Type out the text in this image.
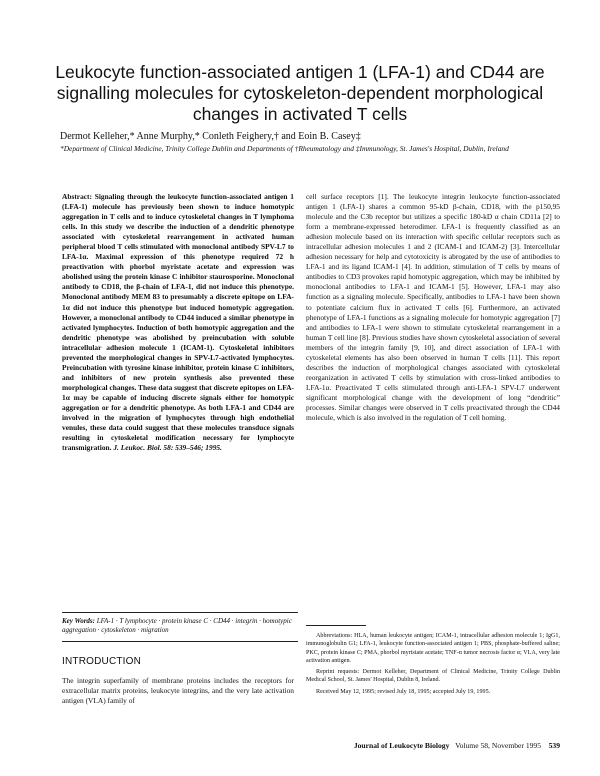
Leukocyte function-associated antigen 1 (LFA-1) and CD44 are signalling molecules for cytoskeleton-dependent morphological changes in activated T cells
Dermot Kelleher,* Anne Murphy,* Conleth Feighery,† and Eoin B. Casey‡
*Department of Clinical Medicine, Trinity College Dublin and Departments of †Rheumatology and ‡Immunology, St. James's Hospital, Dublin, Ireland

Abstract: Signaling through the leukocyte function-associated antigen 1 (LFA-1) molecule has previously been shown to induce homotypic aggregation in T cells and to induce cytoskeletal changes in T lymphoma cells. In this study we describe the induction of a dendritic phenotype associated with cytoskeletal rearrangement in activated human peripheral blood T cells stimulated with monoclonal antibody SPV-L7 to LFA-1α. Maximal expression of this phenotype required 72 h preactivation with phorbol myristate acetate and expression was abolished using the protein kinase C inhibitor staurosporine. Monoclonal antibody to CD18, the β-chain of LFA-1, did not induce this phenotype. Monoclonal antibody MEM 83 to presumably a discrete epitope on LFA-1α did not induce this phenotype but induced homotypic aggregation. However, a monoclonal antibody to CD44 induced a similar phenotype in activated lymphocytes. Induction of both homotypic aggregation and the dendritic phenotype was abolished by preincubation with soluble intracellular adhesion molecule 1 (ICAM-1). Cytoskeletal inhibitors prevented the morphological changes in SPV-L7-activated lymphocytes. Preincubation with tyrosine kinase inhibitor, protein kinase C inhibitors, and inhibitors of new protein synthesis also prevented these morphological changes. These data suggest that discrete epitopes on LFA-1α may be capable of inducing discrete signals either for homotypic aggregation or for a dendritic phenotype. As both LFA-1 and CD44 are involved in the migration of lymphocytes through high endothelial venules, these data could suggest that these molecules transduce signals resulting in cytoskeletal modification necessary for lymphocyte transmigration. J. Leukoc. Biol. 58: 539–546; 1995.

Key Words: LFA-1 · T lymphocyte · protein kinase C · CD44 · integrin · homotypic aggregation · cytoskeleton · migration
INTRODUCTION

The integrin superfamily of membrane proteins includes the receptors for extracellular matrix proteins, leukocyte integrins, and the very late activation antigen (VLA) family of

cell surface receptors [1]. The leukocyte integrin leukocyte function-associated antigen 1 (LFA-1) shares a common 95-kD β-chain, CD18, with the p150,95 molecule and the C3b receptor but utilizes a specific 180-kD α chain CD11a [2] to form a membrane-expressed heterodimer. LFA-1 is frequently classified as an adhesion molecule based on its interaction with specific cellular receptors such as intracellular adhesion molecules 1 and 2 (ICAM-1 and ICAM-2) [3]. Intercellular adhesion necessary for help and cytotoxicity is abrogated by the use of antibodies to LFA-1 and its ligand ICAM-1 [4]. In addition, stimulation of T cells by means of antibodies to CD3 provokes rapid homotypic aggregation, which may be inhibited by monoclonal antibodies to LFA-1 and ICAM-1 [5]. However, LFA-1 may also function as a signaling molecule. Specifically, antibodies to LFA-1 have been shown to potentiate calcium flux in activated T cells [6]. Furthermore, an activated phenotype of LFA-1 functions as a signaling molecule for homotypic aggregation [7] and antibodies to LFA-1 were shown to stimulate cytoskeletal rearrangement in a human T cell line [8]. Previous studies have shown cytoskeletal association of several members of the integrin family [9, 10], and direct association of LFA-1 with cytoskeletal elements has also been observed in human T cells [11]. This report describes the induction of morphological changes associated with cytoskeletal reorganization in activated T cells by stimulation with cross-linked antibodies to LFA-1α. Preactivated T cells stimulated through anti-LFA-1 SPV-L7 underwent significant morphological change with the development of long “dendritic” processes. Similar changes were observed in T cells preactivated through the CD44 molecule, which is also involved in the regulation of T cell homing.

Abbreviations: HLA, human leukocyte antigen; ICAM-1, intracellular adhesion molecule 1; IgG1, immunoglobulin G1; LFA-1, leukocyte function-associated antigen 1; PBS, phosphate-buffered saline; PKC, protein kinase C; PMA, phorbol myristate acetate; TNF-α tumor necrosis factor α; VLA, very late activation antigen.

Reprint requests: Dermot Kelleher, Department of Clinical Medicine, Trinity College Dublin Medical School, St. James' Hospital, Dublin 8, Ireland.

Received May 12, 1995; revised July 18, 1995; accepted July 19, 1995.

Journal of Leukocyte Biology Volume 58, November 1995 539
